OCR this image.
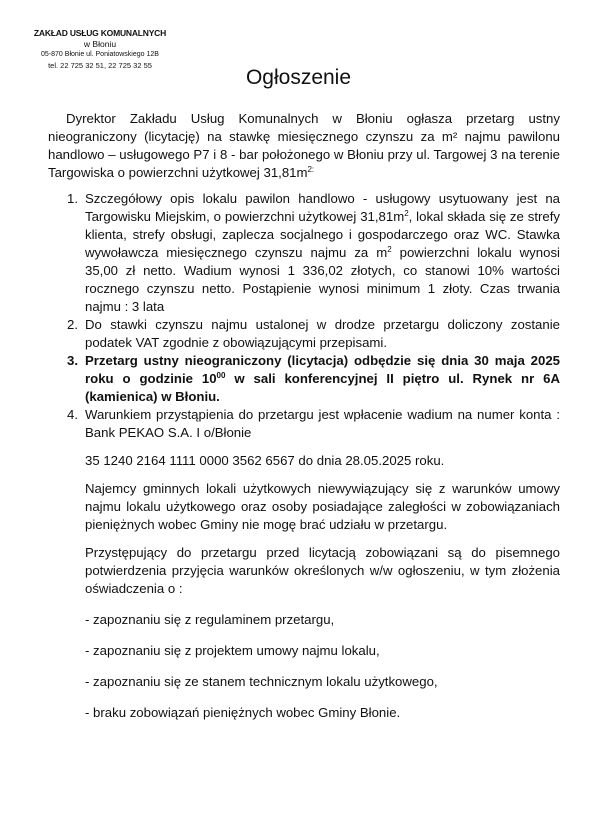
ZAKŁAD USŁUG KOMUNALNYCH
w Błoniu
05-870 Błonie ul. Poniatowskiego 12B
tel. 22 725 32 51, 22 725 32 55
Ogłoszenie

Dyrektor Zakładu Usług Komunalnych w Błoniu ogłasza przetarg ustny nieograniczony (licytację) na stawkę miesięcznego czynszu za m² najmu pawilonu handlowo – usługowego P7 i 8 - bar położonego w Błoniu przy ul. Targowej 3 na terenie Targowiska o powierzchni użytkowej $31,81m^{2:}$

1. Szczegółowy opis lokalu pawilon handlowo - usługowy usytuowany jest na Targowisku Miejskim, o powierzchni użytkowej $31,81m^2$, lokal składa się ze strefy klienta, strefy obsługi, zaplecza socjalnego i gospodarczego oraz WC. Stawka wywoławcza miesięcznego czynszu najmu za $m^2$ powierzchni lokalu wynosi 35,00 zł netto. Wadium wynosi 1 336,02 złotych, co stanowi 10% wartości rocznego czynszu netto. Postąpienie wynosi minimum 1 złoty. Czas trwania najmu : 3 lata
2. Do stawki czynszu najmu ustalonej w drodze przetargu doliczony zostanie podatek VAT zgodnie z obowiązującymi przepisami.
3. Przetarg ustny nieograniczony (licytacja) odbędzie się dnia 30 maja 2025 roku o godzinie $10^{00}$ w sali konferencyjnej II piętro ul. Rynek nr 6A (kamienica) w Błoniu.
4. Warunkiem przystąpienia do przetargu jest wpłacenie wadium na numer konta : Bank PEKAO S.A. I o/Błonie

35 1240 2164 1111 0000 3562 6567 do dnia 28.05.2025 roku.

Najemcy gminnych lokali użytkowych niewywiązujący się z warunków umowy najmu lokalu użytkowego oraz osoby posiadające zaległości w zobowiązaniach pieniężnych wobec Gminy nie mogę brać udziału w przetargu.

Przystępujący do przetargu przed licytacją zobowiązani są do pisemnego potwierdzenia przyjęcia warunków określonych w/w ogłoszeniu, w tym złożenia oświadczenia o :

- zapoznaniu się z regulaminem przetargu,

- zapoznaniu się z projektem umowy najmu lokalu,

- zapoznaniu się ze stanem technicznym lokalu użytkowego,

- braku zobowiązań pieniężnych wobec Gminy Błonie.
